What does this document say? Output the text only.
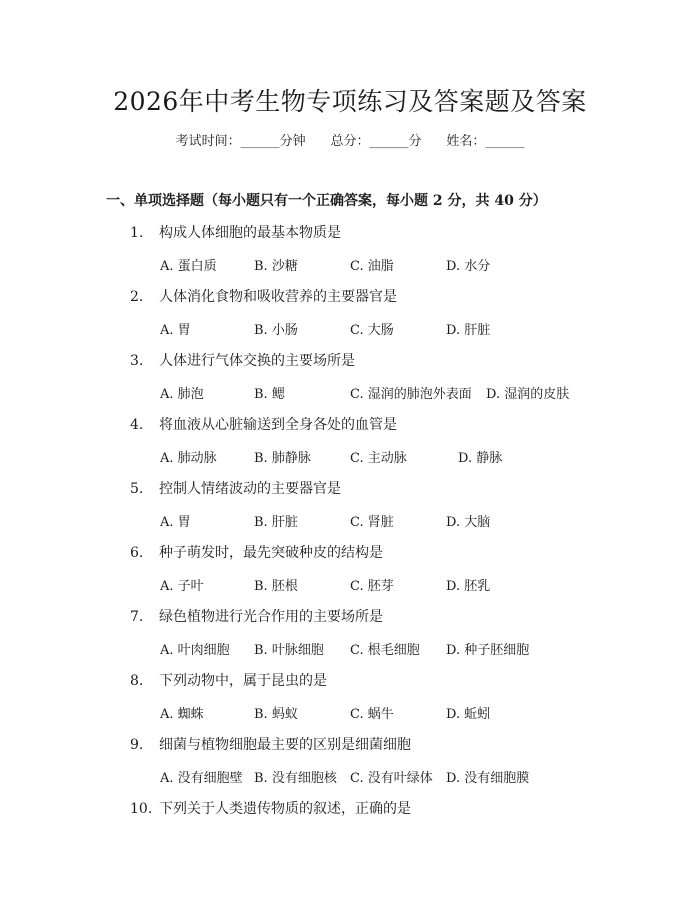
2026年中考生物专项练习及答案题及答案
考试时间：______分钟 总分：______分 姓名：______
一、单项选择题（每小题只有一个正确答案，每小题 2 分，共 40 分）
1. 构成人体细胞的最基本物质是
A. 蛋白质	B. 沙糖	C. 油脂	D. 水分
2. 人体消化食物和吸收营养的主要器官是
A. 胃	B. 小肠	C. 大肠	D. 肝脏
3. 人体进行气体交换的主要场所是
A. 肺泡	B. 鳃	C. 湿润的肺泡外表面 D. 湿润的皮肤
4. 将血液从心脏输送到全身各处的血管是
A. 肺动脉	B. 肺静脉	C. 主动脉	D. 静脉
5. 控制人情绪波动的主要器官是
A. 胃	B. 肝脏	C. 肾脏	D. 大脑
6. 种子萌发时，最先突破种皮的结构是
A. 子叶	B. 胚根	C. 胚芽	D. 胚乳
7. 绿色植物进行光合作用的主要场所是
A. 叶肉细胞 B. 叶脉细胞 C. 根毛细胞 D. 种子胚细胞
8. 下列动物中，属于昆虫的是
A. 蜘蛛	B. 蚂蚁	C. 蜗牛	D. 蚯蚓
9. 细菌与植物细胞最主要的区别是细菌细胞
A. 没有细胞壁 B. 没有细胞核 C. 没有叶绿体 D. 没有细胞膜
10. 下列关于人类遗传物质的叙述，正确的是
